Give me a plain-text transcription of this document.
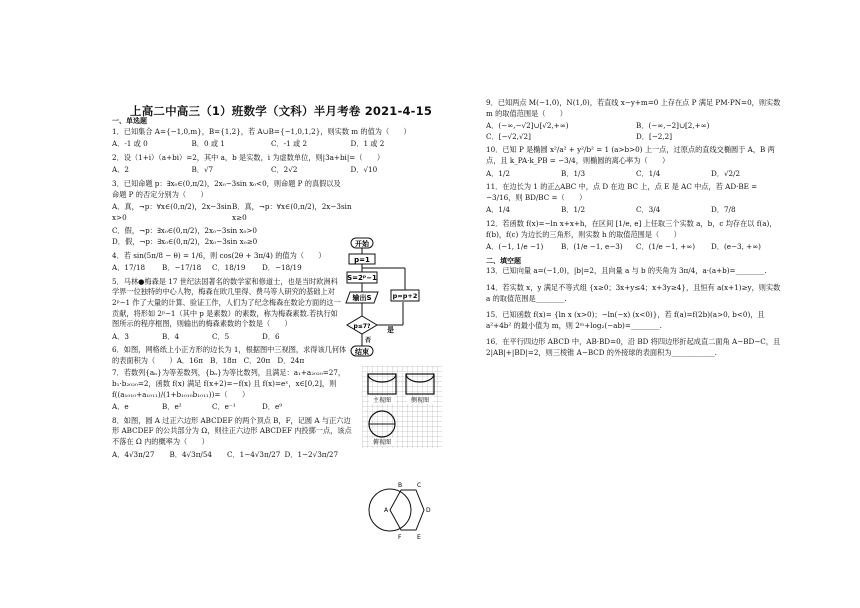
上高二中高三（1）班数学（文科）半月考卷 2021-4-15
一、单选题
1．已知集合 A={−1,0,m}，B={1,2}，若 A∪B={−1,0,1,2}，则实数 m 的值为（　　）
A．-1 或 0	B．0 或 1	C．-1 或 2	D．1 或 2
2．设（1+i）（a+bi）=2，其中 a，b 是实数，i 为虚数单位，则|3a+bi|=（　　）
A．2	B．√7	C．2√2	D．√10
3．已知命题 p：∃x₀∈(0,π/2)，2x₀−3sin x₀<0，则命题 P 的真假以及命题 P 的否定分别为（　　）
A．真，¬p：∀x∈(0,π/2)，2x−3sin x>0
B．真，¬p：∀x∈(0,π/2)，2x−3sin x≥0
C．假，¬p：∃x₀∈(0,π/2)，2x₀−3sin x₀>0
D．假，¬p：∃x₀∈(0,π/2)，2x₀−3sin x₀≥0
4．若 sin(5π/8 − θ) = 1/6，则 cos(2θ + 3π/4) 的值为（　　）
A．17/18	B．−17/18	C．18/19	D．−18/19
5．马林●梅森是 17 世纪法国著名的数学家和修道士，也是当时欧洲科学界一位独特的中心人物，梅森在欧几里得、费马等人研究的基础上对 2ᵖ−1 作了大量的计算、验证工作，人们为了纪念梅森在数论方面的这一贡献，将形如 2ᵖ−1（其中 p 是素数）的素数，称为梅森素数.若执行如图所示的程序框图，则输出的梅森素数的个数是（　　）
A．3	B．4	C．5	D．6
6．如图，网格纸上小正方形的边长为 1，根据图中三视图，求得该几何体的表面积为（　　）A．16π　B．18π　C．20π　D．24π
7．若数列{aₙ}为等差数列，{bₙ}为等比数列，且满足：a₁+a₂₀₂₀=27，b₁·b₂₀₂₀=2，函数 f(x) 满足 f(x+2)=−f(x) 且 f(x)=eˣ，x∈[0,2]，则 f((a₁₀₁₀+a₁₀₁₁)/(1+b₁₀₁₀b₁₀₁₁))=（　　）
A．e	B．e²	C．e⁻¹	D．e⁹
8．如图，圆 A 过正六边形 ABCDEF 的两个顶点 B，F，记圆 A 与正六边形 ABCDEF 的公共部分为 Ω，则往正六边形 ABCDEF 内投掷一点，该点不落在 Ω 内的概率为（　　）
A．4√3π/27	B．4√3π/54	C．1−4√3π/27 D．1−2√3π/27
开始
p=1
S=2ᵖ−1
输出S
p≤7? 是
p=p+2
否
结束
主视图	侧视图
俯视图
A
B C
D
E
F
9．已知两点 M(−1,0)，N(1,0)，若直线 x−y+m=0 上存在点 P 满足 PM·PN=0，则实数 m 的取值范围是（　　）
A．(−∞,−√2]∪[√2,+∞)	B．(−∞,−2]∪[2,+∞)
C．[−√2,√2]	D．[−2,2]
10．已知 P 是椭圆 x²/a² + y²/b² = 1 (a>b>0) 上一点，过原点的直线交椭圆于 A，B 两点，且 k_PA·k_PB = −3/4，则椭圆的离心率为（　　）
A．1/2	B．1/3	C．1/4	D．√2/2
11．在边长为 1 的正△ABC 中，点 D 在边 BC 上，点 E 是 AC 中点，若 AD·BE = −3/16，则 BD/BC =（　　）
A．1/4	B．1/2	C．3/4	D．7/8
12．若函数 f(x)=−ln x+x+h，在区间 [1/e, e] 上任取三个实数 a，b，c 均存在以 f(a)，f(b)，f(c) 为边长的三角形，则实数 h 的取值范围是（　　）
A．(−1, 1/e −1)	B．(1/e −1, e−3)	C．(1/e −1, +∞)	D．(e−3, +∞)
二、填空题
13．已知向量 a=(−1,0)，|b|=2，且向量 a 与 b 的夹角为 3π/4，a·(a+b)=________.
14．若实数 x，y 满足不等式组 {x≥0；3x+y≤4；x+3y≥4}，且恒有 a(x+1)≥y，则实数 a 的取值范围是________.
15．已知函数 f(x)= {ln x (x>0)；−ln(−x) (x<0)}，若 f(a)=f(2b)(a>0, b<0)，且 a²+4b² 的最小值为 m，则 2ᵐ+log₂(−ab)=________.
16．在平行四边形 ABCD 中，AB·BD=0，沿 BD 将四边形折起成直二面角 A−BD−C，且 2|AB|+|BD|=2，则三棱锥 A−BCD 的外接球的表面积为____________.
